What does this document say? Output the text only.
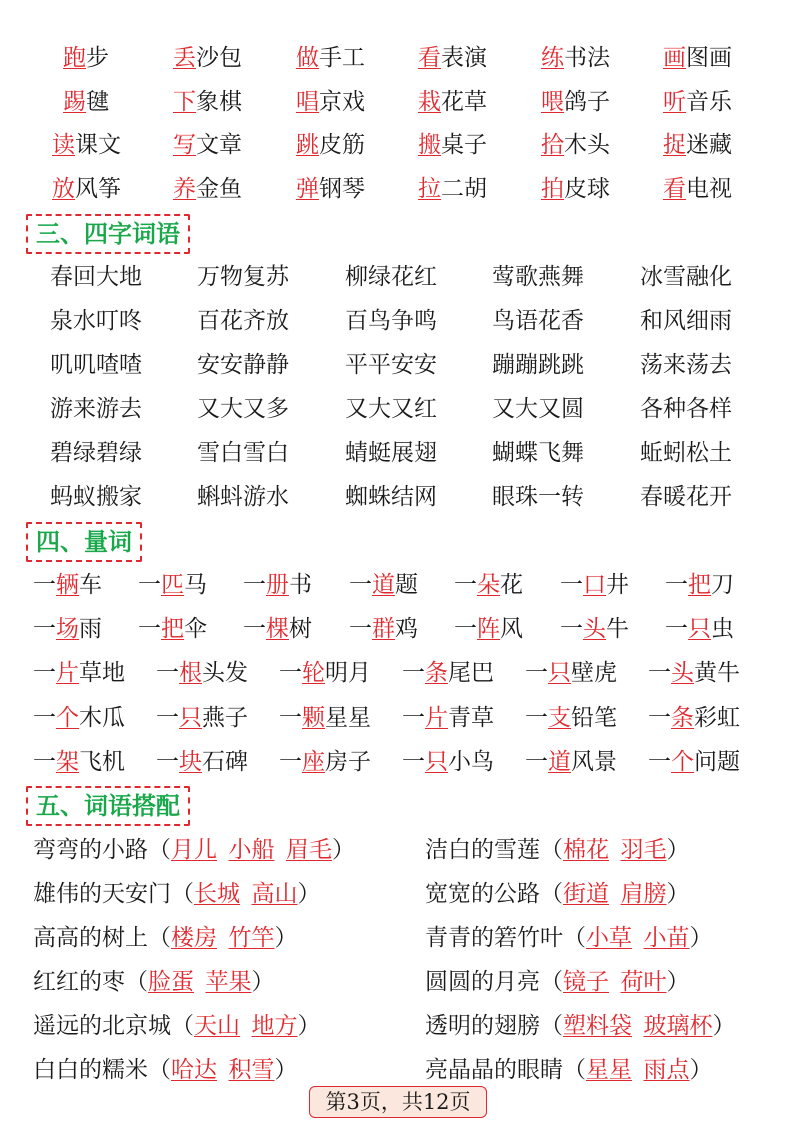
跑步	丢沙包 做手工 看表演 练书法 画图画
踢毽	下象棋 唱京戏 栽花草 喂鸽子 听音乐
读课文 写文章 跳皮筋 搬桌子 拾木头 捉迷藏
放风筝 养金鱼 弹钢琴 拉二胡 拍皮球 看电视
三、四字词语
春回大地 万物复苏 柳绿花红 莺歌燕舞 冰雪融化
泉水叮咚 百花齐放 百鸟争鸣 鸟语花香 和风细雨
叽叽喳喳 安安静静 平平安安 蹦蹦跳跳 荡来荡去
游来游去 又大又多 又大又红 又大又圆 各种各样
碧绿碧绿 雪白雪白 蜻蜓展翅 蝴蝶飞舞 蚯蚓松土
蚂蚁搬家 蝌蚪游水 蜘蛛结网 眼珠一转 春暖花开
四、量词
一辆车 一匹马 一册书 一道题 一朵花 一口井 一把刀
一场雨 一把伞 一棵树 一群鸡 一阵风 一头牛 一只虫
一片草地 一根头发 一轮明月 一条尾巴 一只壁虎 一头黄牛
一个木瓜 一只燕子 一颗星星 一片青草 一支铅笔 一条彩虹
一架飞机 一块石碑 一座房子 一只小鸟 一道风景 一个问题
五、词语搭配
弯弯的小路（月儿  小船  眉毛）	洁白的雪莲（棉花  羽毛）
雄伟的天安门（长城  高山）	宽宽的公路（街道  肩膀）
高高的树上（楼房  竹竿）	青青的箬竹叶（小草  小苗）
红红的枣（脸蛋  苹果）	圆圆的月亮（镜子  荷叶）
遥远的北京城（天山  地方）	透明的翅膀（塑料袋  玻璃杯）
白白的糯米（哈达  积雪）	亮晶晶的眼睛（星星  雨点）
第3页，共12页
